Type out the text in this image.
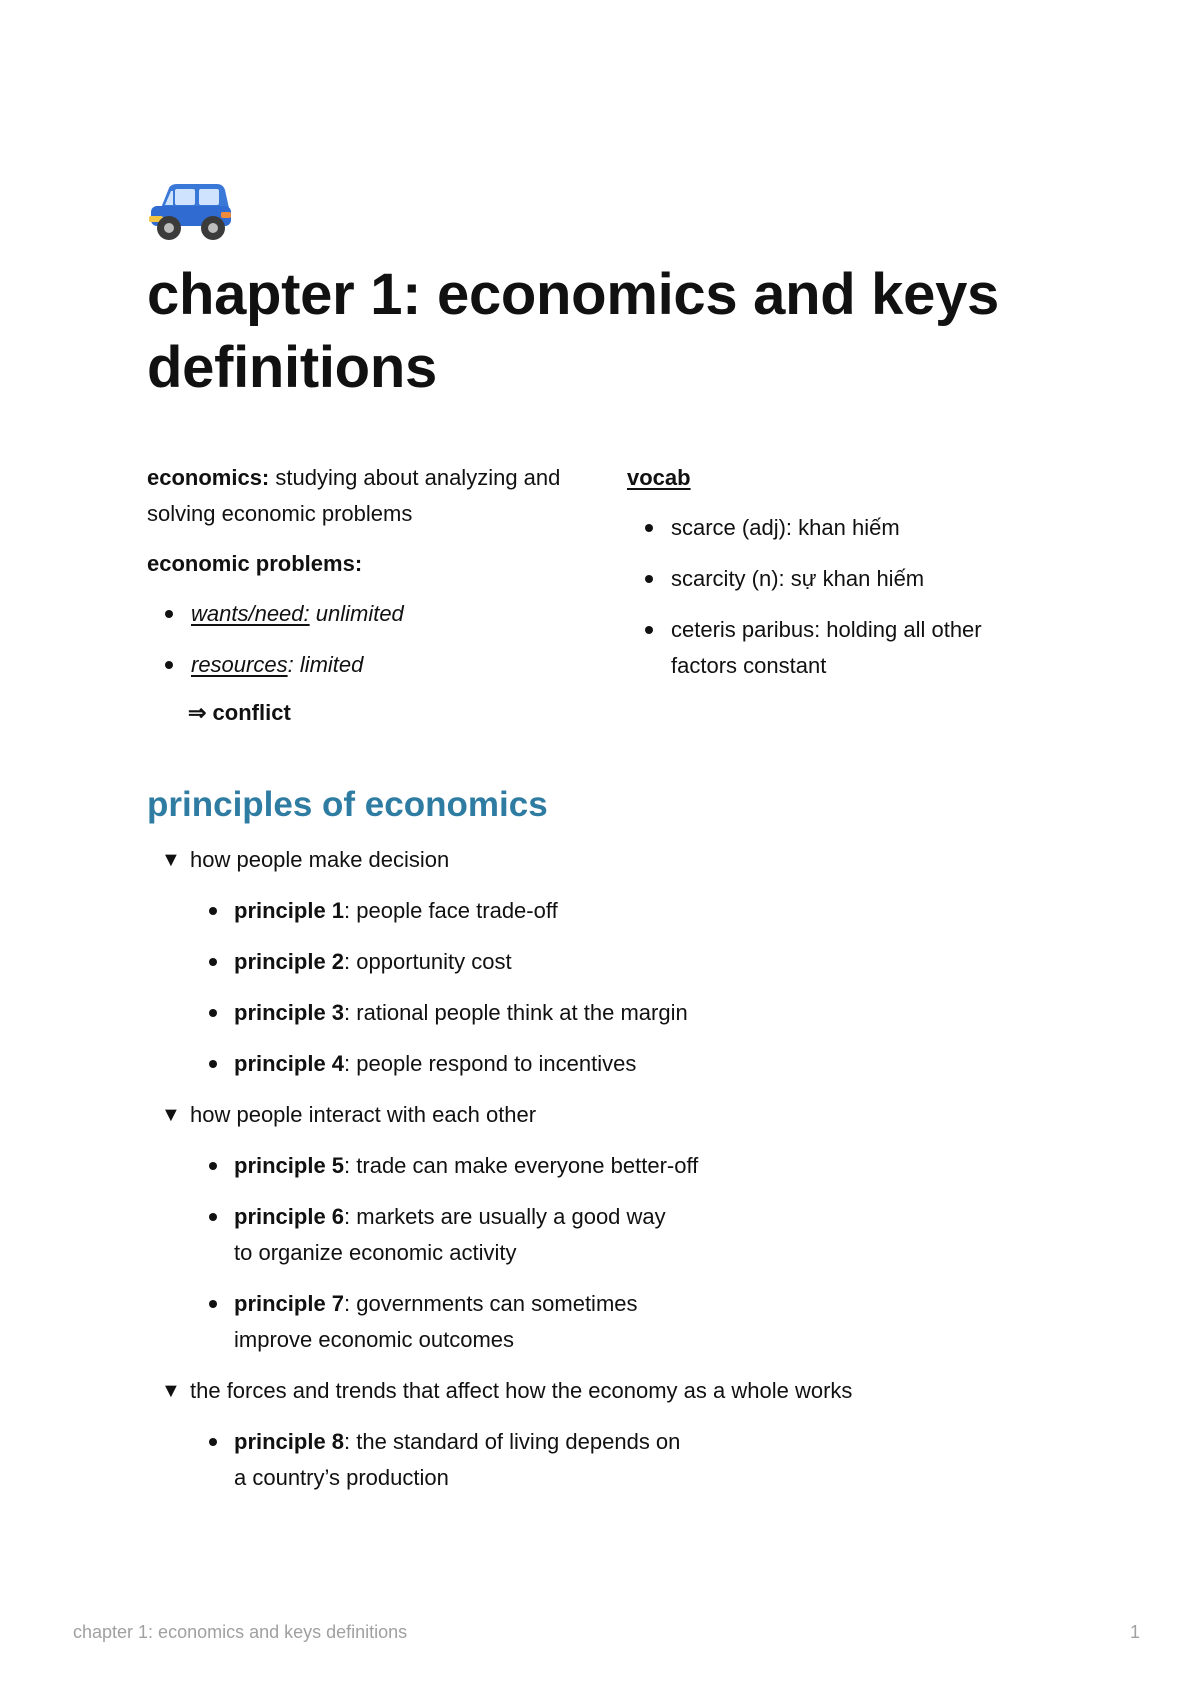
chapter 1: economics and keys definitions

economics: studying about analyzing and solving economic problems

economic problems:

wants/need: unlimited
resources: limited

⇒ conflict

vocab

scarce (adj): khan hiếm
scarcity (n): sự khan hiếm
ceteris paribus: holding all other factors constant
principles of economics
▼ how people make decision
principle 1: people face trade-off
principle 2: opportunity cost
principle 3: rational people think at the margin
principle 4: people respond to incentives
▼ how people interact with each other
principle 5: trade can make everyone better-off
principle 6: markets are usually a good way to organize economic activity
principle 7: governments can sometimes improve economic outcomes
▼ the forces and trends that affect how the economy as a whole works
principle 8: the standard of living depends on a country’s production
chapter 1: economics and keys definitions	1
